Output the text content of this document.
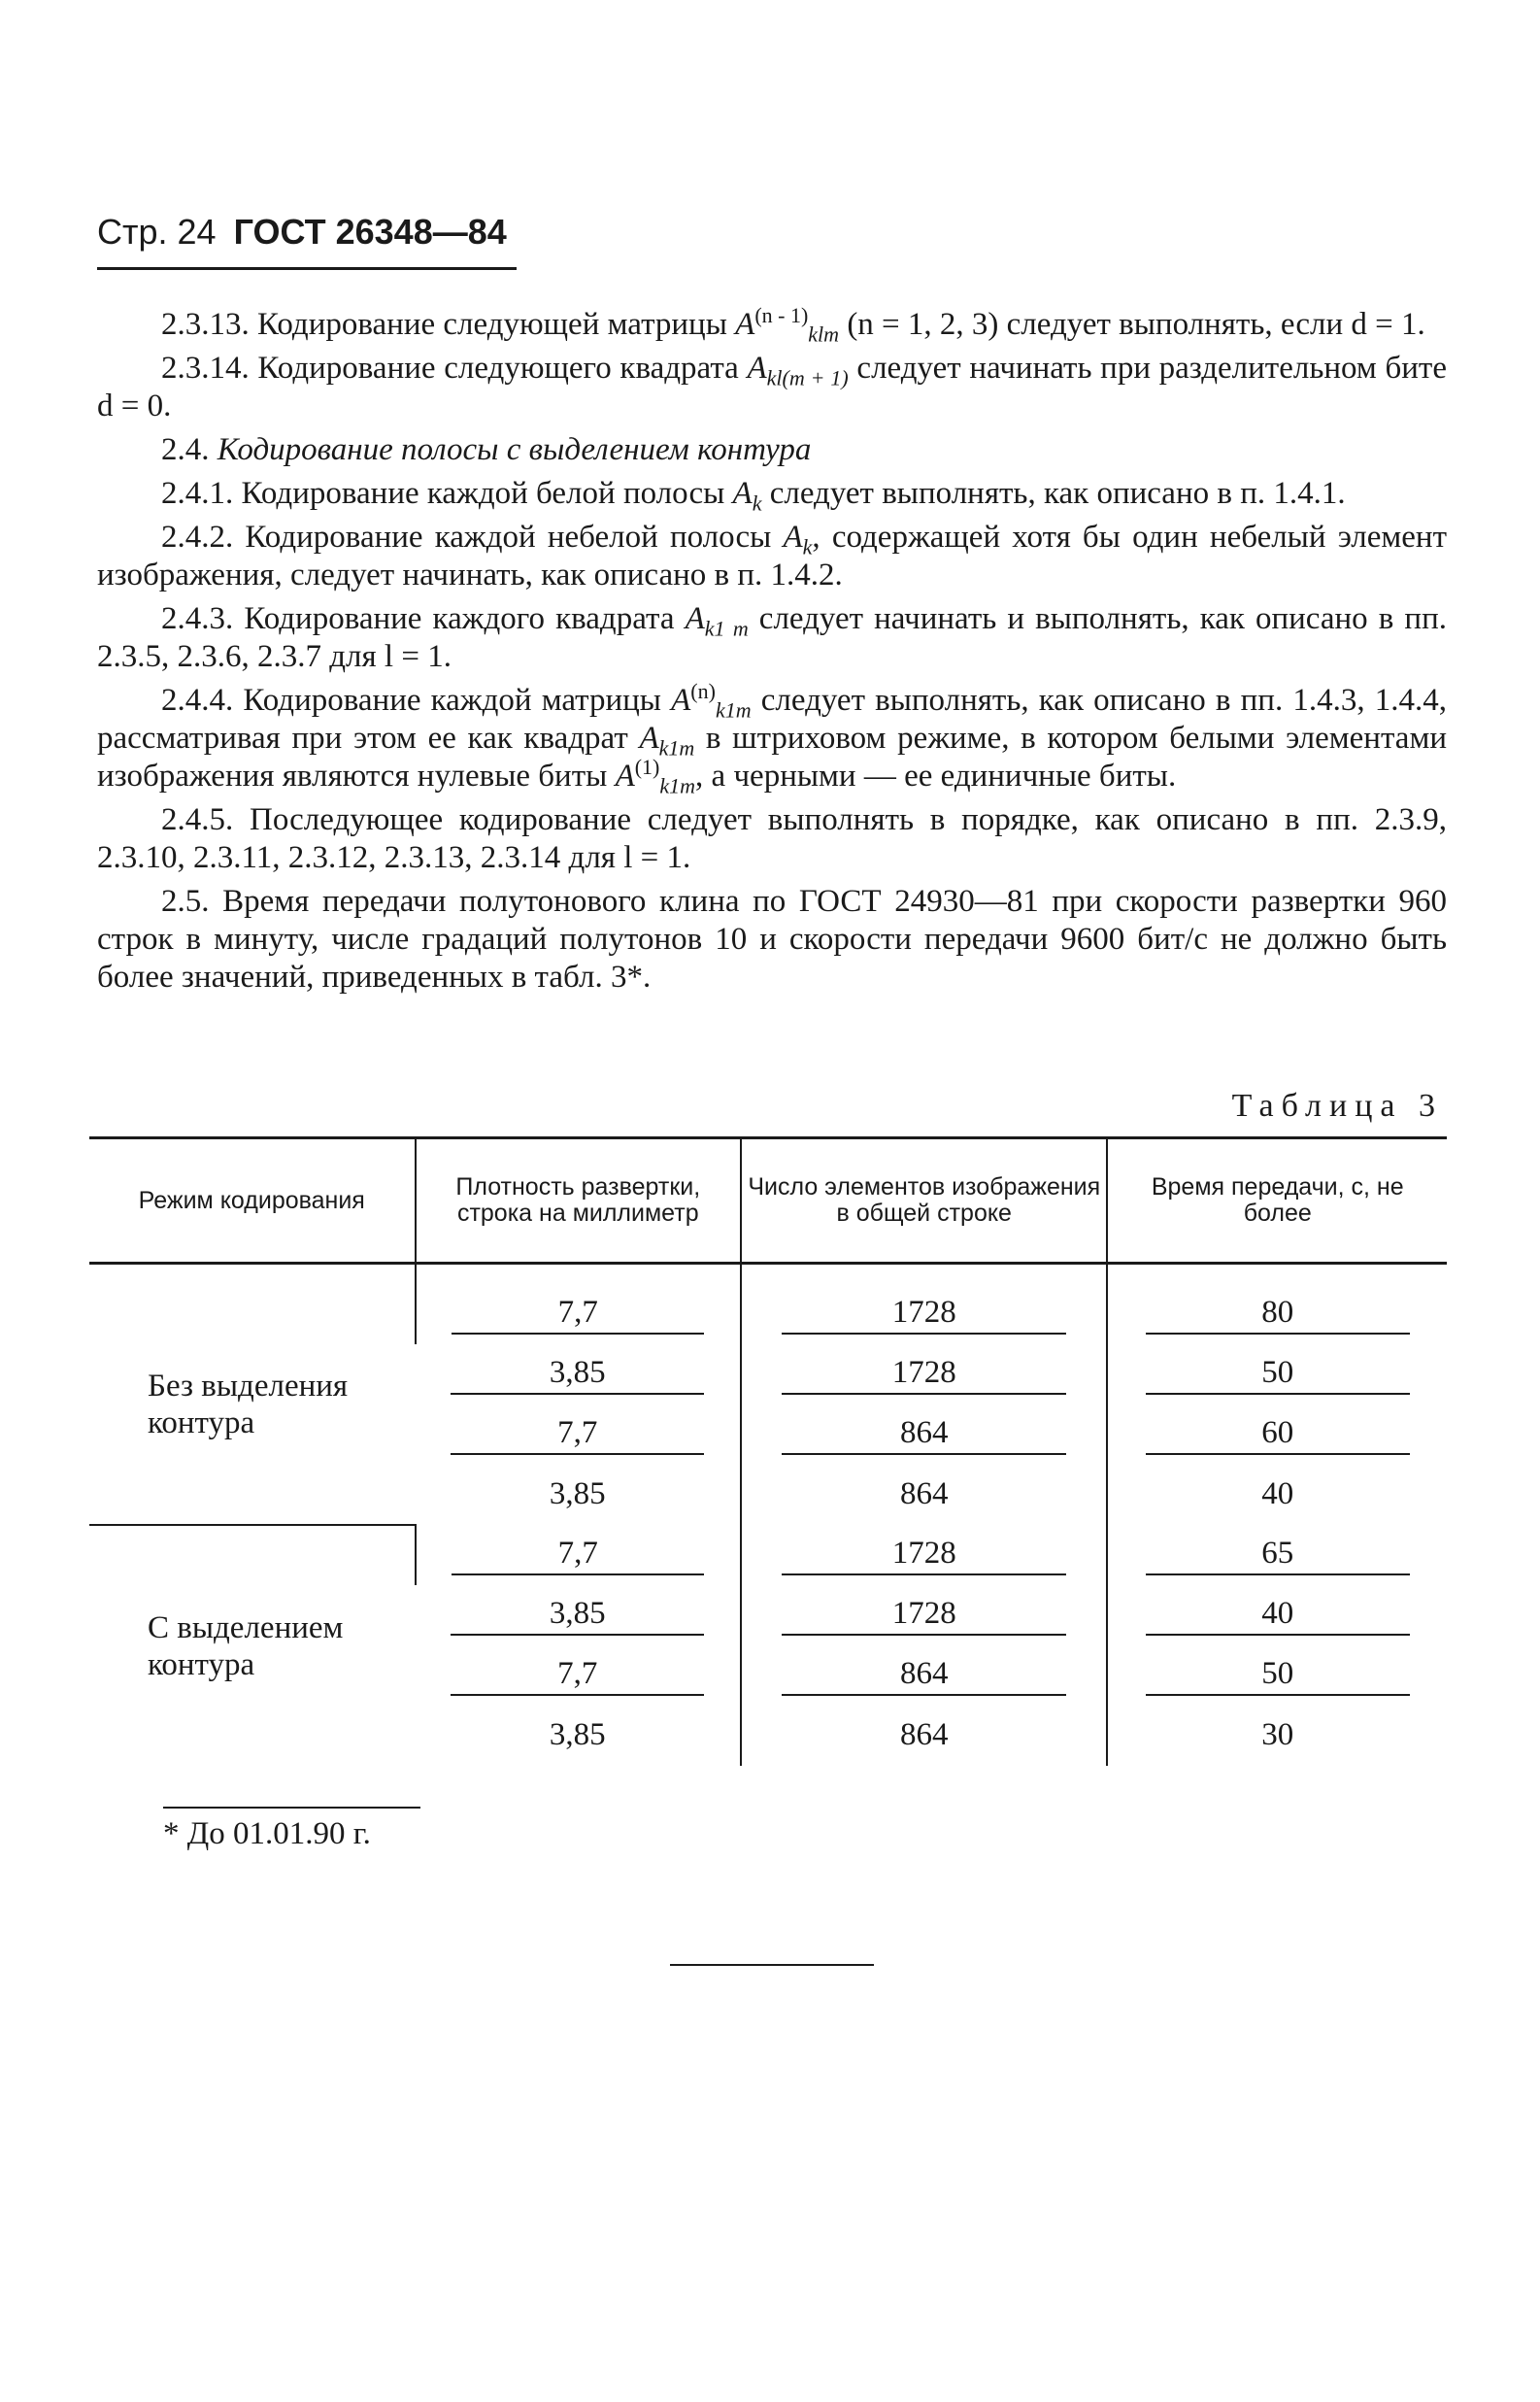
Стр. 24 ГОСТ 26348—84

2.3.13. Кодирование следующей матрицы $A^{(n - 1)}_{klm}$ (n = 1, 2, 3) следует выполнять, если d = 1.

2.3.14. Кодирование следующего квадрата $A_{kl(m + 1)}$ следует начинать при разделительном бите d = 0.

2.4. Кодирование полосы с выделением контура

2.4.1. Кодирование каждой белой полосы $A_k$ следует выполнять, как описано в п. 1.4.1.

2.4.2. Кодирование каждой небелой полосы $A_k$, содержащей хотя бы один небелый элемент изображения, следует начинать, как описано в п. 1.4.2.

2.4.3. Кодирование каждого квадрата $A_{k1 m}$ следует начинать и выполнять, как описано в пп. 2.3.5, 2.3.6, 2.3.7 для l = 1.

2.4.4. Кодирование каждой матрицы $A^{(n)}_{k1m}$ следует выполнять, как описано в пп. 1.4.3, 1.4.4, рассматривая при этом ее как квадрат $A_{k1m}$ в штриховом режиме, в котором белыми элементами изображения являются нулевые биты $A^{(1)}_{k1m}$, а черными — ее единичные биты.

2.4.5. Последующее кодирование следует выполнять в порядке, как описано в пп. 2.3.9, 2.3.10, 2.3.11, 2.3.12, 2.3.13, 2.3.14 для l = 1.

2.5. Время передачи полутонового клина по ГОСТ 24930—81 при скорости развертки 960 строк в минуту, числе градаций полутонов 10 и скорости передачи 9600 бит/с не должно быть более значений, приведенных в табл. 3*.

Таблица 3
Режим кодирования	Плотность развертки, строка на миллиметр	Число элементов изображения в общей строке	Время передачи, с, не более
Без выделения контура	7,7	1728	80
	3,85	1728	50
	7,7	864	60
	3,85	864	40
С выделением контура	7,7	1728	65
	3,85	1728	40
	7,7	864	50
	3,85	864	30
* До 01.01.90 г.
